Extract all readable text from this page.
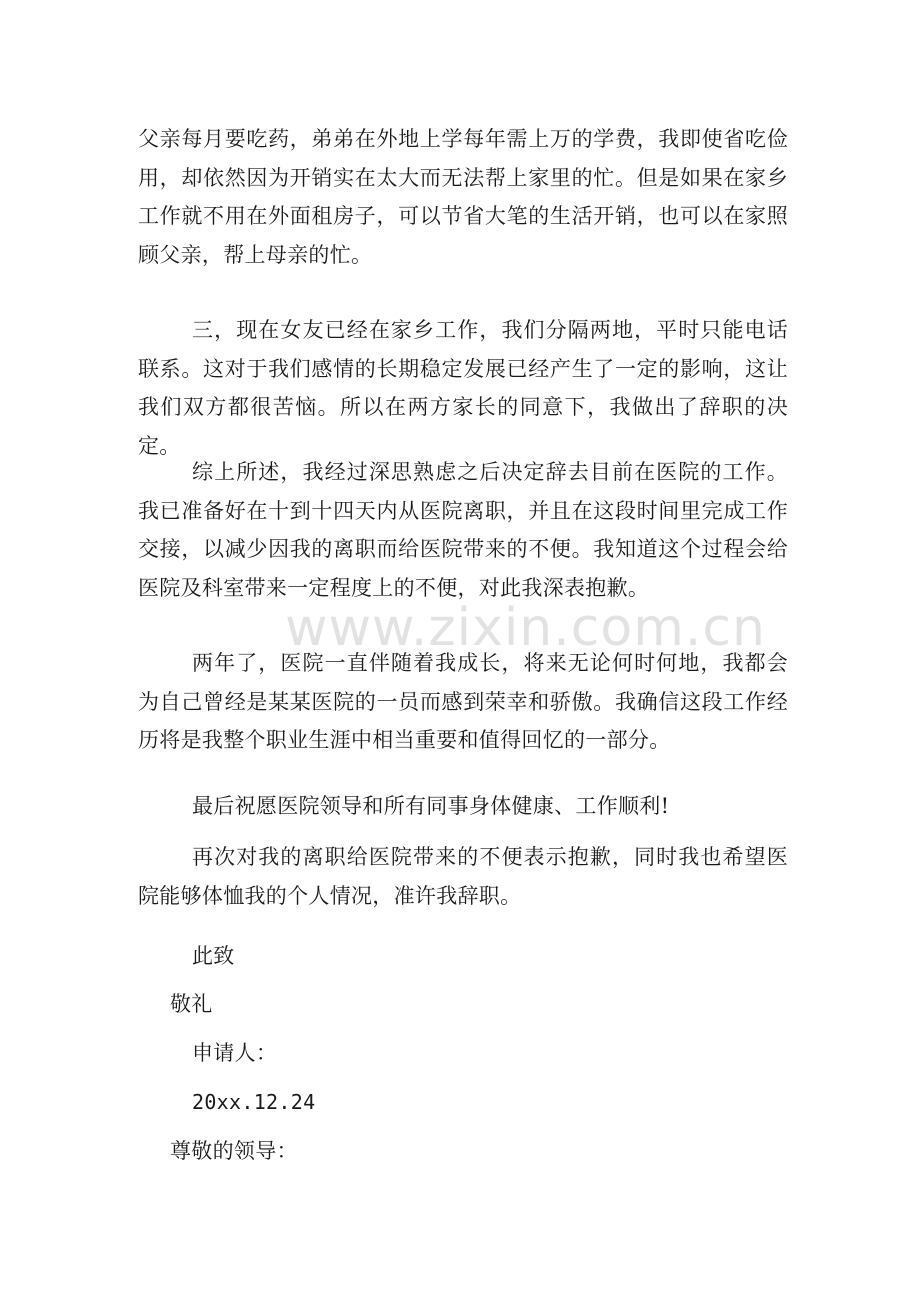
父亲每月要吃药，弟弟在外地上学每年需上万的学费，我即使省吃俭用，却依然因为开销实在太大而无法帮上家里的忙。但是如果在家乡工作就不用在外面租房子，可以节省大笔的生活开销，也可以在家照顾父亲，帮上母亲的忙。

三，现在女友已经在家乡工作，我们分隔两地，平时只能电话联系。这对于我们感情的长期稳定发展已经产生了一定的影响，这让我们双方都很苦恼。所以在两方家长的同意下，我做出了辞职的决定。

综上所述，我经过深思熟虑之后决定辞去目前在医院的工作。我已准备好在十到十四天内从医院离职，并且在这段时间里完成工作交接，以减少因我的离职而给医院带来的不便。我知道这个过程会给医院及科室带来一定程度上的不便，对此我深表抱歉。

两年了，医院一直伴随着我成长，将来无论何时何地，我都会为自己曾经是某某医院的一员而感到荣幸和骄傲。我确信这段工作经历将是我整个职业生涯中相当重要和值得回忆的一部分。

最后祝愿医院领导和所有同事身体健康、工作顺利!

再次对我的离职给医院带来的不便表示抱歉，同时我也希望医院能够体恤我的个人情况，准许我辞职。

此致
敬礼
申请人：
20xx.12.24
尊敬的领导：
www.zixin.com.cn
